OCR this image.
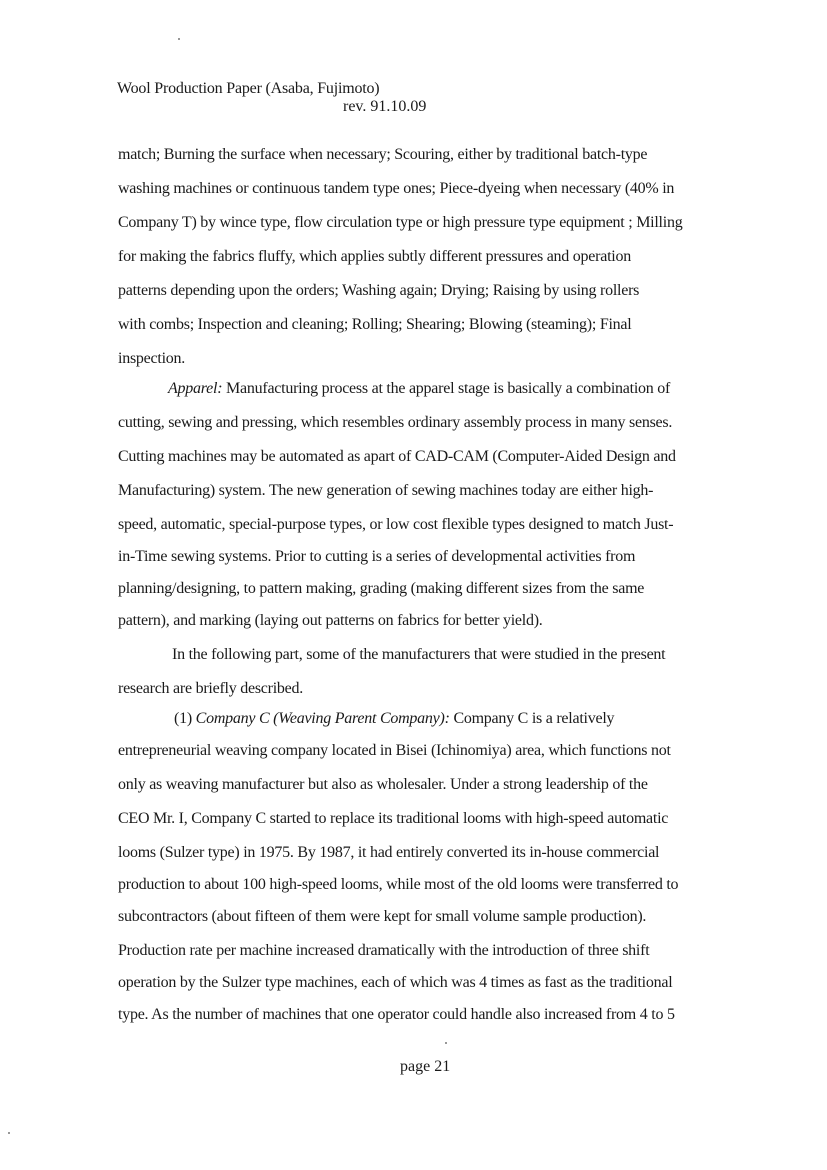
Wool Production Paper (Asaba, Fujimoto)
rev. 91.10.09
match; Burning the surface when necessary; Scouring, either by traditional batch-type
washing machines or continuous tandem type ones; Piece-dyeing when necessary (40% in
Company T) by wince type, flow circulation type or high pressure type equipment ; Milling
for making the fabrics fluffy, which applies subtly different pressures and operation
patterns depending upon the orders; Washing again; Drying; Raising by using rollers
with combs; Inspection and cleaning; Rolling; Shearing; Blowing (steaming); Final
inspection.
Apparel: Manufacturing process at the apparel stage is basically a combination of
cutting, sewing and pressing, which resembles ordinary assembly process in many senses.
Cutting machines may be automated as apart of CAD-CAM (Computer-Aided Design and
Manufacturing) system. The new generation of sewing machines today are either high-
speed, automatic, special-purpose types, or low cost flexible types designed to match Just-
in-Time sewing systems. Prior to cutting is a series of developmental activities from
planning/designing, to pattern making, grading (making different sizes from the same
pattern), and marking (laying out patterns on fabrics for better yield).
In the following part, some of the manufacturers that were studied in the present
research are briefly described.
(1) Company C (Weaving Parent Company): Company C is a relatively
entrepreneurial weaving company located in Bisei (Ichinomiya) area, which functions not
only as weaving manufacturer but also as wholesaler. Under a strong leadership of the
CEO Mr. I, Company C started to replace its traditional looms with high-speed automatic
looms (Sulzer type) in 1975. By 1987, it had entirely converted its in-house commercial
production to about 100 high-speed looms, while most of the old looms were transferred to
subcontractors (about fifteen of them were kept for small volume sample production).
Production rate per machine increased dramatically with the introduction of three shift
operation by the Sulzer type machines, each of which was 4 times as fast as the traditional
type. As the number of machines that one operator could handle also increased from 4 to 5
page 21
